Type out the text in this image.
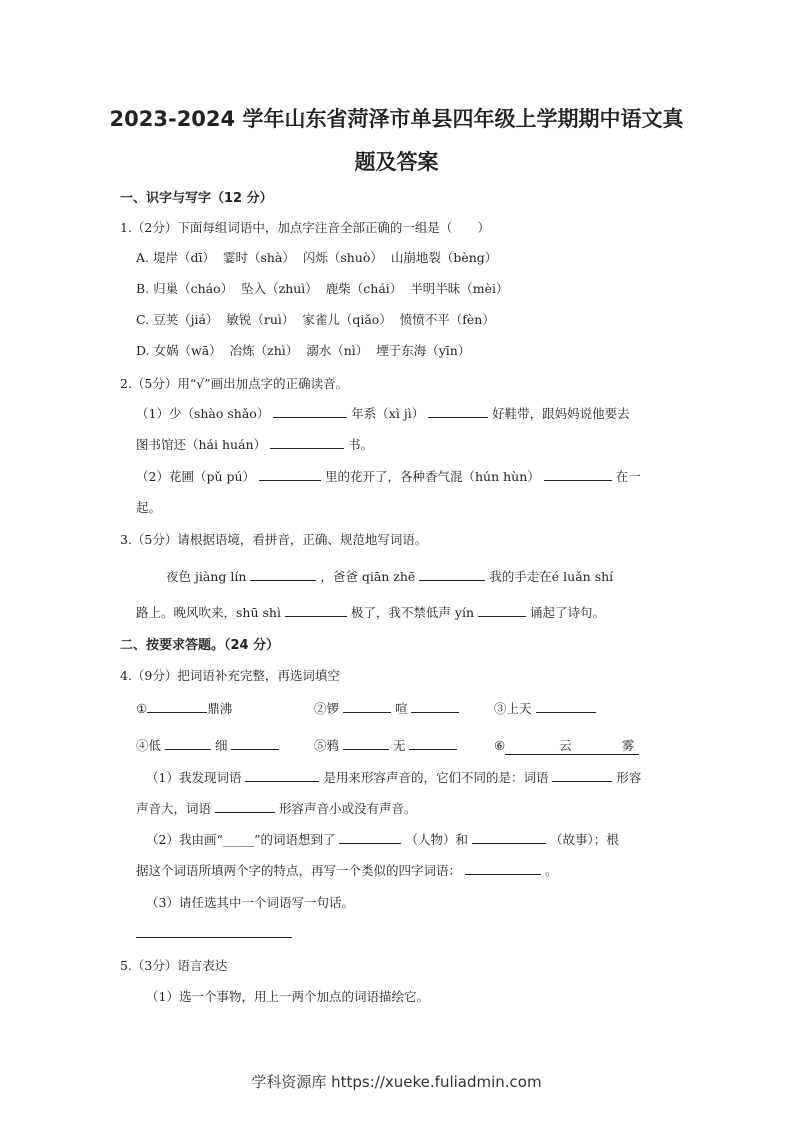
2023-2024 学年山东省菏泽市单县四年级上学期期中语文真
题及答案
一、识字与写字（12 分）
1.（2分）下面每组词语中，加点字注音全部正确的一组是（　　）
A. 堤岸（dī） 霎时（shà） 闪烁（shuò） 山崩地裂（bèng）
B. 归巢（cháo） 坠入（zhuì） 鹿柴（chái） 半明半昧（mèi）
C. 豆荚（jiá） 敏锐（ruì） 家雀儿（qiǎo） 愤愤不平（fèn）
D. 女娲（wā） 冶炼（zhì） 溺水（nì） 堙于东海（yīn）
2.（5分）用“√”画出加点字的正确读音。
（1）少（shào shǎo）	年系（xì jì）	好鞋带，跟妈妈说他要去
图书馆还（hái huán）	书。
（2）花圃（pǔ pú）	里的花开了，各种香气混（hún hùn）	在一
起。
3.（5分）请根据语境，看拼音，正确、规范地写词语。
夜色 jiàng lín	，爸爸 qiān zhē	我的手走在é luǎn shí
路上。晚风吹来，shū shì	极了，我不禁低声 yín	诵起了诗句。
二、按要求答题。（24 分）
4.（9分）把词语补充完整，再选词填空
①	鼎沸	②锣	喧	③上天
④低	细	⑤鸦	无	⑥	云	雾
（1）我发现词语	是用来形容声音的，它们不同的是：词语	形容
声音大，词语	形容声音小或没有声音。
（2）我由画“_____”的词语想到了	（人物）和	（故事）；根
据这个词语所填两个字的特点，再写一个类似的四字词语：	。
（3）请任选其中一个词语写一句话。
5.（3分）语言表达
（1）选一个事物，用上一两个加点的词语描绘它。
学科资源库 https://xueke.fuliadmin.com
